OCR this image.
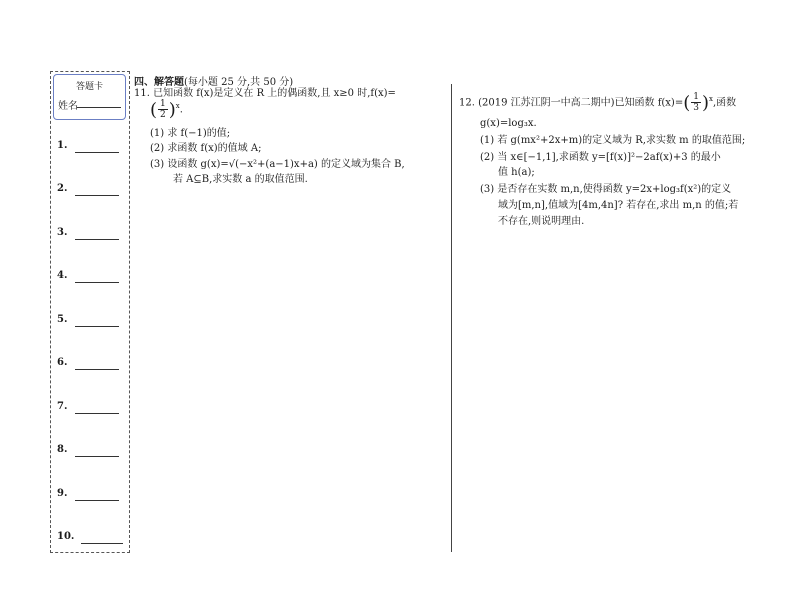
答题卡
姓名
1.
2.
3.
4.
5.
6.
7.
8.
9.
10.
四、解答题(每小题 25 分,共 50 分)
11. 已知函数 f(x)是定义在 R 上的偶函数,且 x≥0 时,f(x)=
( $\frac{1}{2} )^x$.
(1) 求 f(−1)的值;
(2) 求函数 f(x)的值域 A;
(3) 设函数 g(x)=√(−x²+(a−1)x+a) 的定义域为集合 B,
若 A⊆B,求实数 a 的取值范围.
12. (2019 江苏江阴一中高二期中)已知函数 $f(x)=( \frac{1}{3} )^x$,函数
g(x)=log₃x.
(1) 若 g(mx²+2x+m)的定义域为 R,求实数 m 的取值范围;
(2) 当 x∈[−1,1],求函数 y=[f(x)]²−2af(x)+3 的最小
值 h(a);
(3) 是否存在实数 m,n,使得函数 y=2x+log₃f(x²)的定义
域为[m,n],值域为[4m,4n]? 若存在,求出 m,n 的值;若
不存在,则说明理由.
